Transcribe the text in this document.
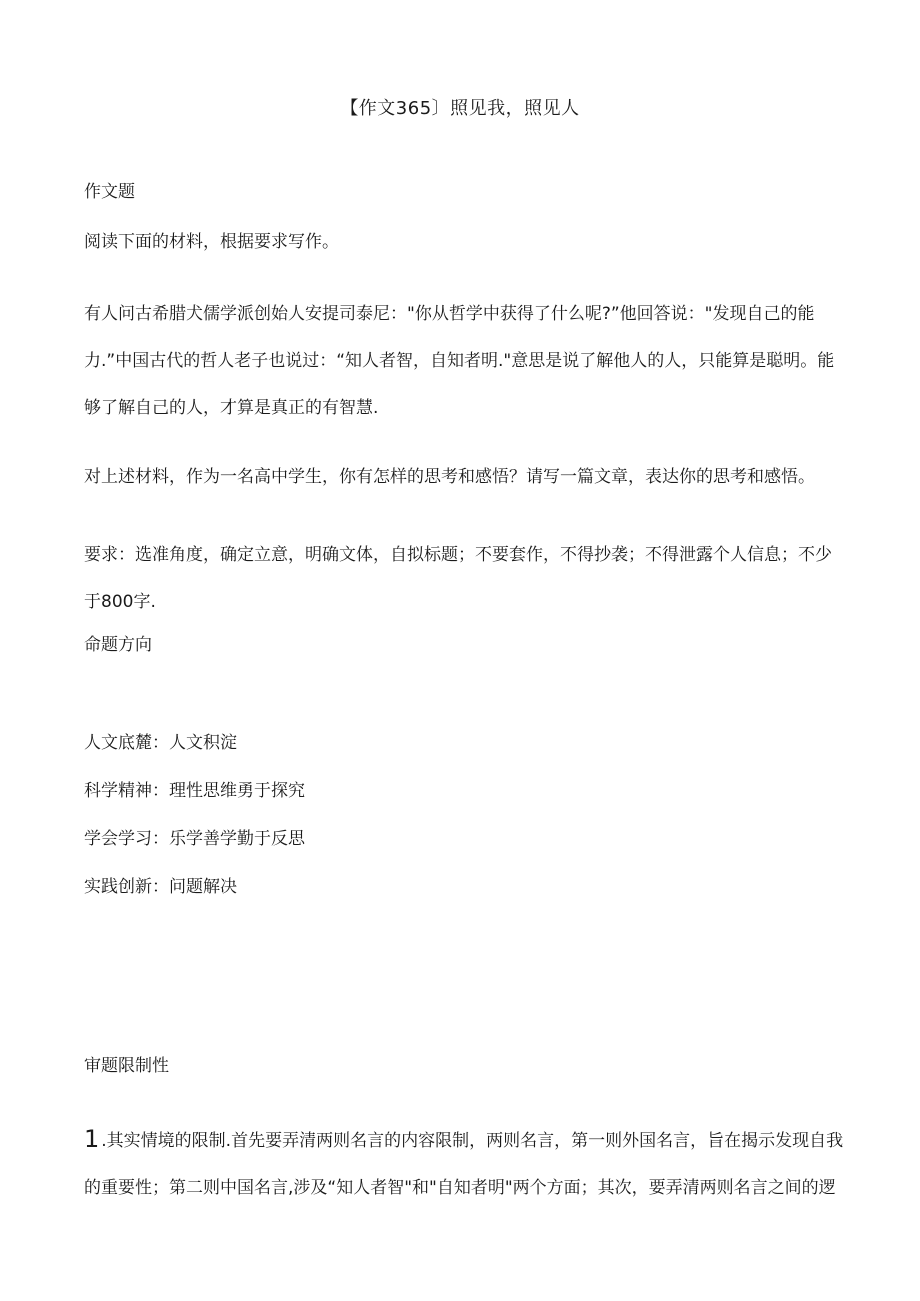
【作文365〕照见我，照见人

作文题

阅读下面的材料，根据要求写作。

有人问古希腊犬儒学派创始人安提司泰尼："你从哲学中获得了什么呢?”他回答说："发现自己的能力.”中国古代的哲人老子也说过：“知人者智，自知者明."意思是说了解他人的人，只能算是聪明。能够了解自己的人，才算是真正的有智慧.

对上述材料，作为一名高中学生，你有怎样的思考和感悟？请写一篇文章，表达你的思考和感悟。

要求：选准角度，确定立意，明确文体，自拟标题；不要套作，不得抄袭；不得泄露个人信息；不少于800字.

命题方向

人文底麓：人文积淀

科学精神：理性思维勇于探究

学会学习：乐学善学勤于反思

实践创新：问题解决

审题限制性

1 .其实情境的限制.首先要弄清两则名言的内容限制，两则名言，第一则外国名言，旨在揭示发现自我的重要性；第二则中国名言,涉及“知人者智"和"自知者明"两个方面；其次，要弄清两则名言之间的逻
